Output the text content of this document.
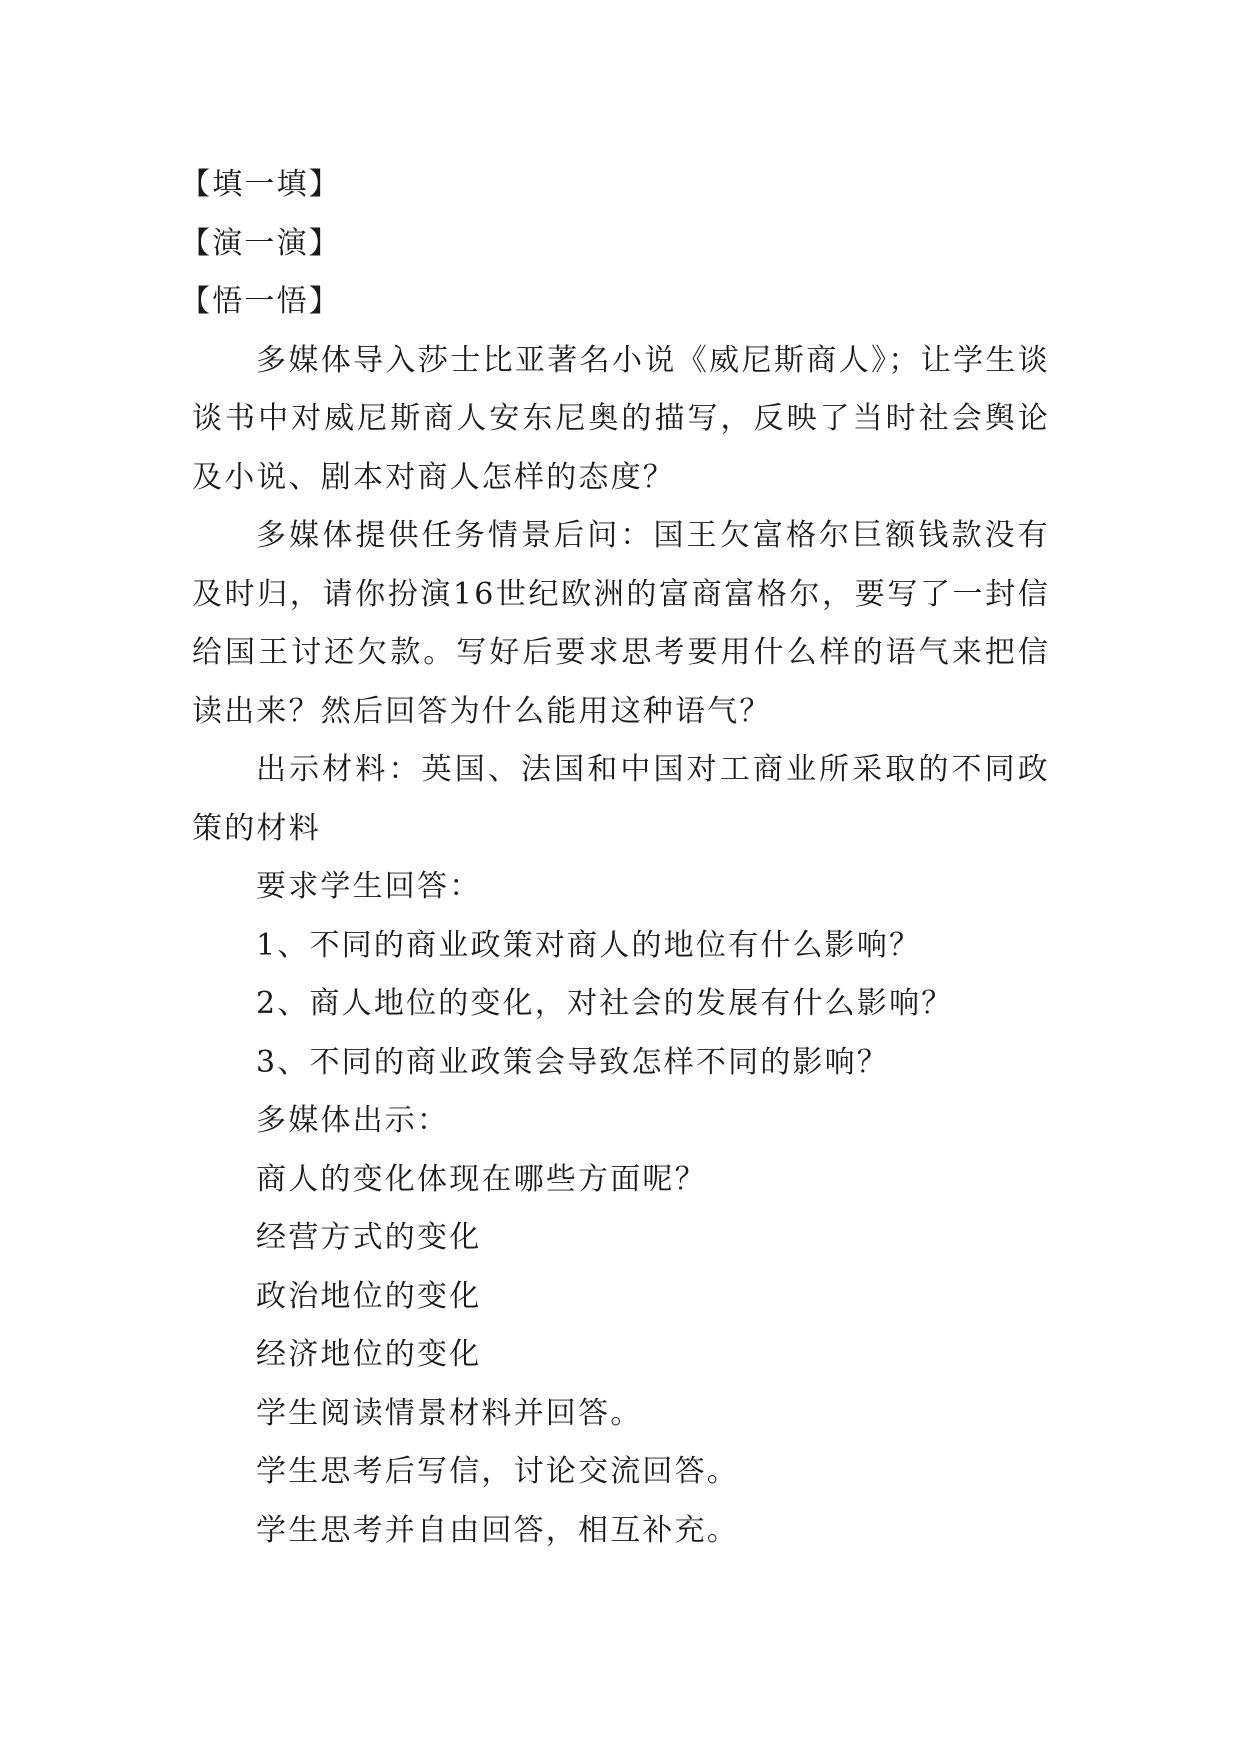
【填一填】

【演一演】

【悟一悟】

多媒体导入莎士比亚著名小说《威尼斯商人》；让学生谈谈书中对威尼斯商人安东尼奥的描写，反映了当时社会舆论及小说、剧本对商人怎样的态度？

多媒体提供任务情景后问：国王欠富格尔巨额钱款没有及时归，请你扮演16世纪欧洲的富商富格尔，要写了一封信给国王讨还欠款。写好后要求思考要用什么样的语气来把信读出来？然后回答为什么能用这种语气？

出示材料：英国、法国和中国对工商业所采取的不同政策的材料

要求学生回答：

1、不同的商业政策对商人的地位有什么影响？

2、商人地位的变化，对社会的发展有什么影响？

3、不同的商业政策会导致怎样不同的影响？

多媒体出示：

商人的变化体现在哪些方面呢？

经营方式的变化

政治地位的变化

经济地位的变化

学生阅读情景材料并回答。

学生思考后写信，讨论交流回答。

学生思考并自由回答，相互补充。
